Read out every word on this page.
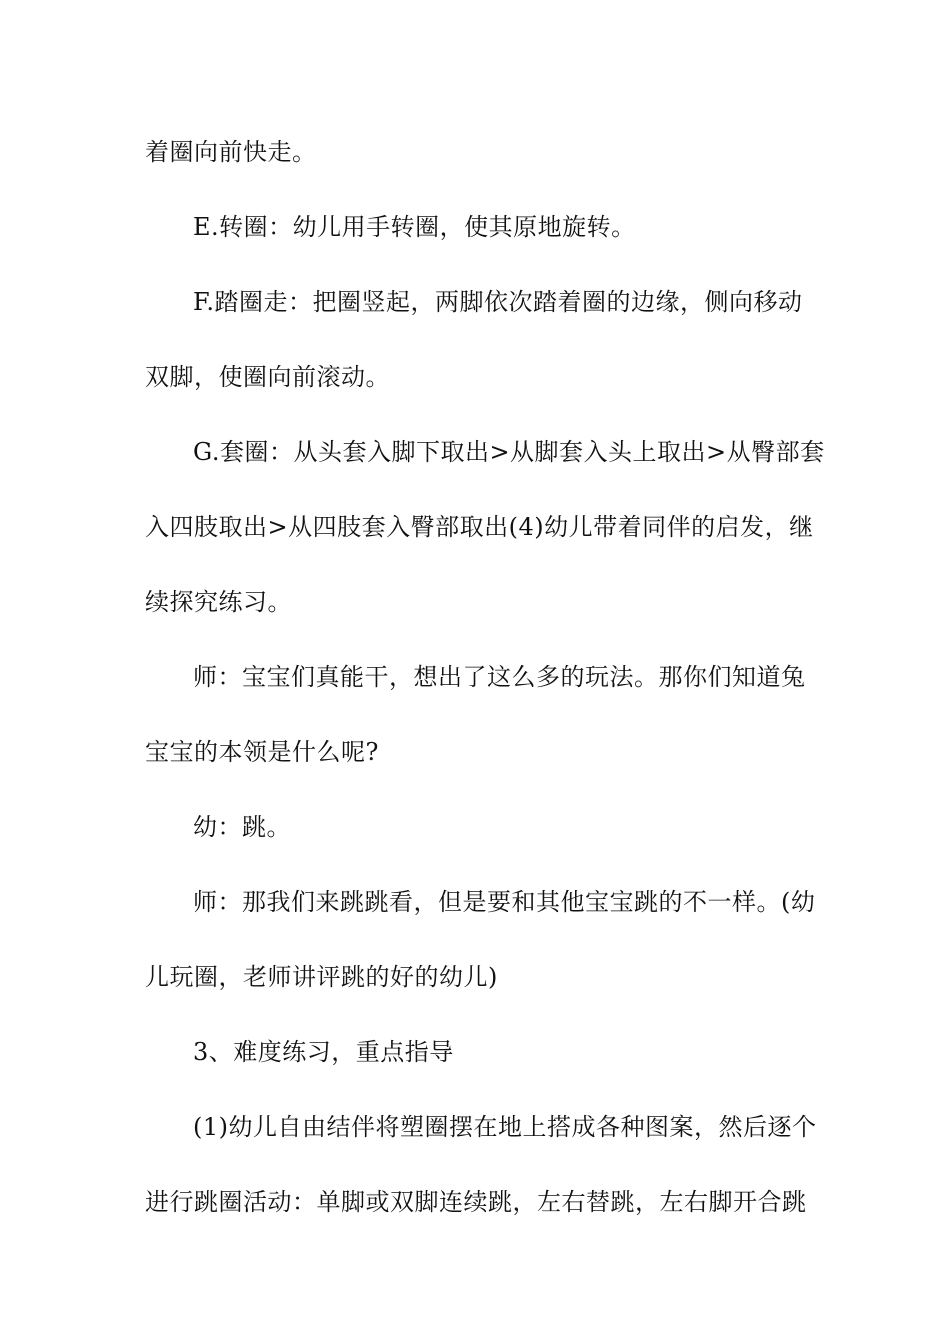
着圈向前快走。
E.转圈：幼儿用手转圈，使其原地旋转。
F.踏圈走：把圈竖起，两脚依次踏着圈的边缘，侧向移动
双脚，使圈向前滚动。
G.套圈：从头套入脚下取出>从脚套入头上取出>从臀部套
入四肢取出>从四肢套入臀部取出(4)幼儿带着同伴的启发，继
续探究练习。
师：宝宝们真能干，想出了这么多的玩法。那你们知道兔
宝宝的本领是什么呢?
幼：跳。
师：那我们来跳跳看，但是要和其他宝宝跳的不一样。(幼
儿玩圈，老师讲评跳的好的幼儿)
3、难度练习，重点指导
(1)幼儿自由结伴将塑圈摆在地上搭成各种图案，然后逐个
进行跳圈活动：单脚或双脚连续跳，左右替跳，左右脚开合跳
